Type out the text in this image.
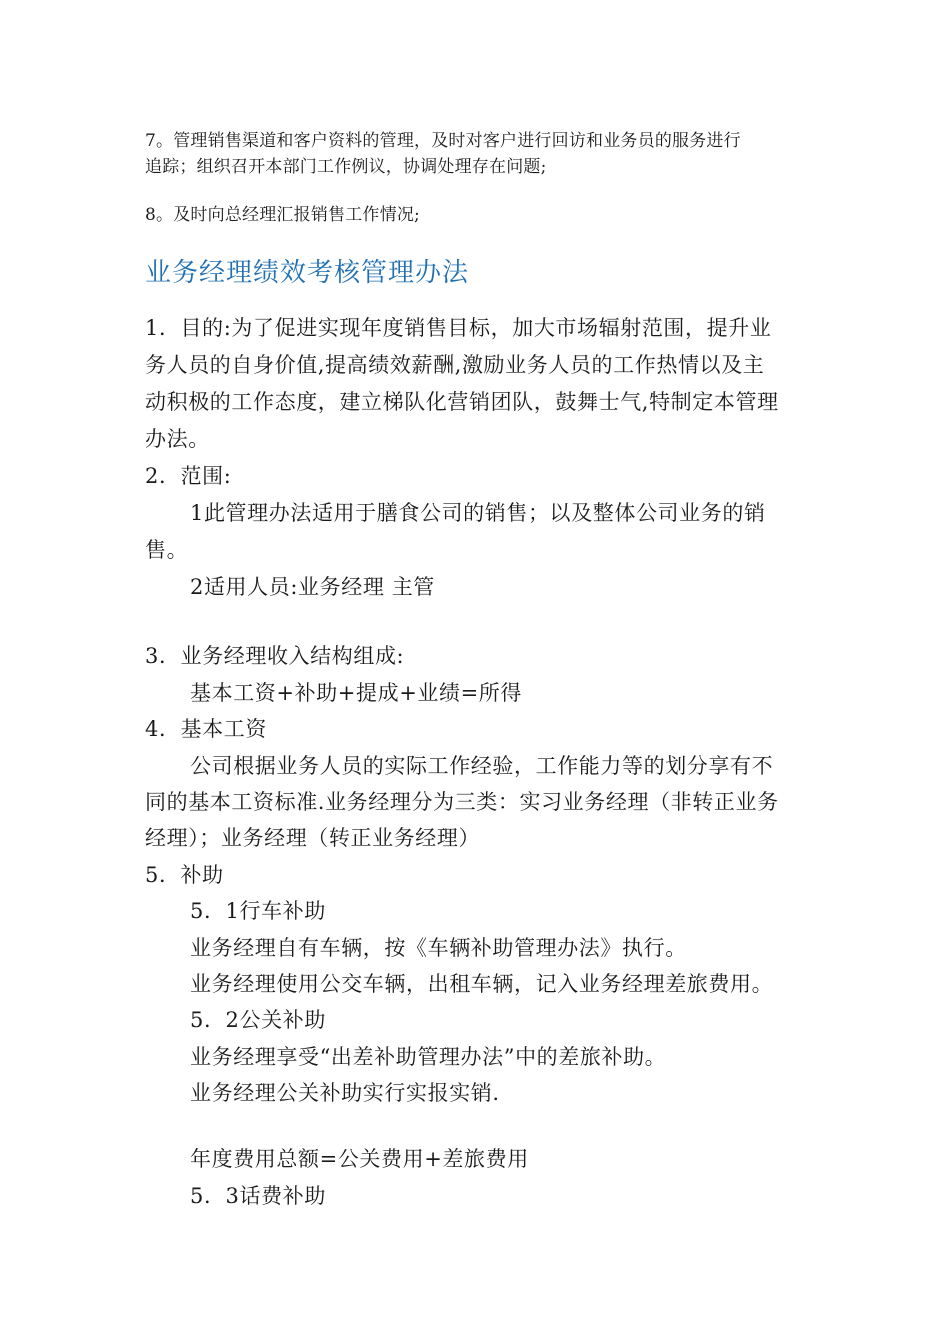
7。管理销售渠道和客户资料的管理，及时对客户进行回访和业务员的服务进行

追踪；组织召开本部门工作例议，协调处理存在问题;

8。及时向总经理汇报销售工作情况;

业务经理绩效考核管理办法

1．目的:为了促进实现年度销售目标，加大市场辐射范围，提升业

务人员的自身价值,提高绩效薪酬,激励业务人员的工作热情以及主

动积极的工作态度，建立梯队化营销团队，鼓舞士气,特制定本管理

办法。

2．范围:

1此管理办法适用于膳食公司的销售；以及整体公司业务的销

售。

2适用人员:业务经理 主管

3．业务经理收入结构组成:

基本工资+补助+提成+业绩=所得

4．基本工资

公司根据业务人员的实际工作经验，工作能力等的划分享有不

同的基本工资标准.业务经理分为三类：实习业务经理（非转正业务

经理）；业务经理（转正业务经理）

5．补助

5．1行车补助

业务经理自有车辆，按《车辆补助管理办法》执行。

业务经理使用公交车辆，出租车辆，记入业务经理差旅费用。

5．2公关补助

业务经理享受“出差补助管理办法”中的差旅补助。

业务经理公关补助实行实报实销.

年度费用总额=公关费用+差旅费用

5．3话费补助
